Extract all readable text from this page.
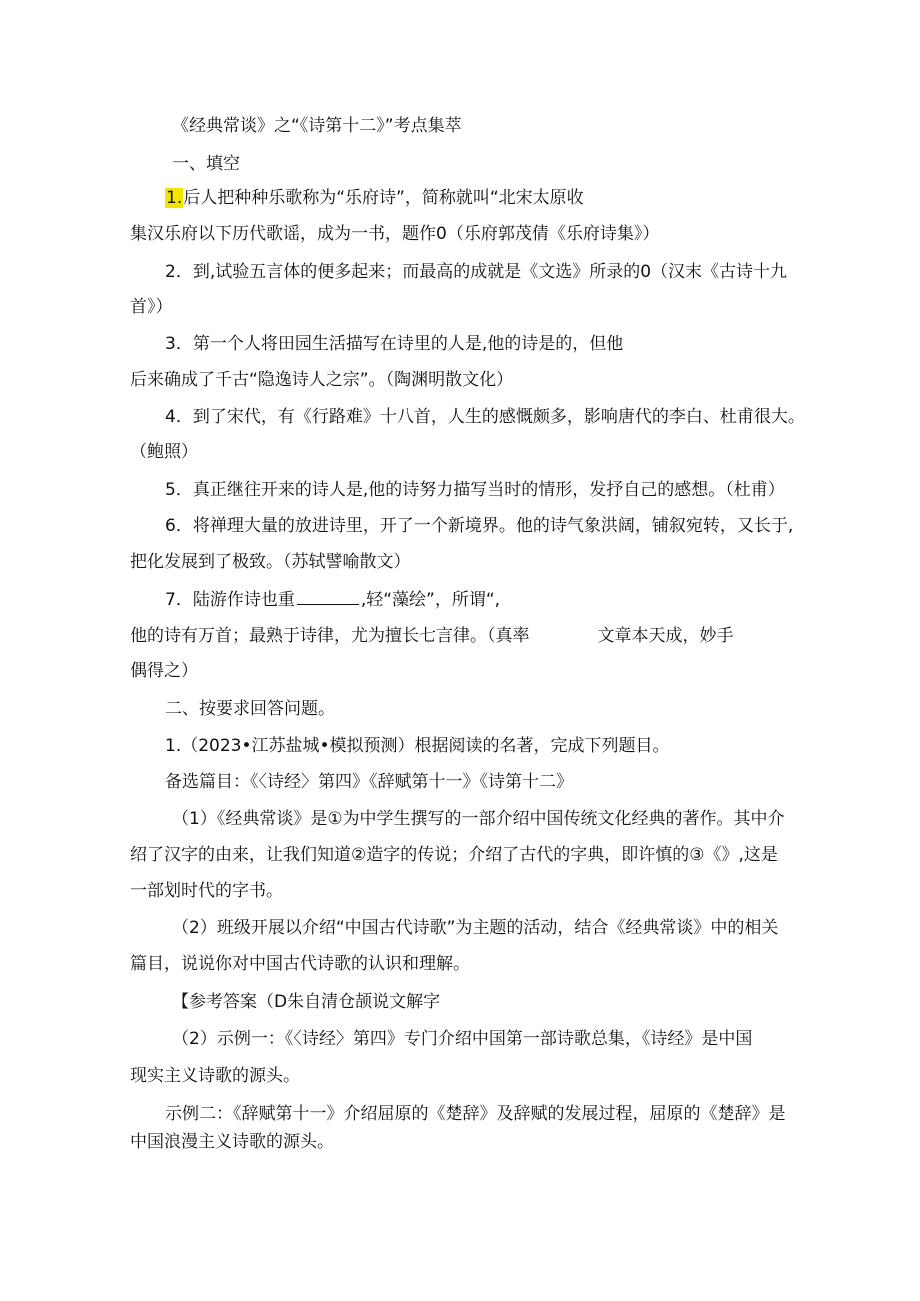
《经典常谈》之“《诗第十二》”考点集萃
一、填空
1.后人把种种乐歌称为“乐府诗”，简称就叫“北宋太原收
集汉乐府以下历代歌谣，成为一书，题作0（乐府郭茂倩《乐府诗集》）
2．到,试验五言体的便多起来；而最高的成就是《文选》所录的0（汉末《古诗十九
首》）
3．第一个人将田园生活描写在诗里的人是,他的诗是的，但他
后来确成了千古“隐逸诗人之宗”。（陶渊明散文化）
4．到了宋代，有《行路难》十八首，人生的感慨颇多，影响唐代的李白、杜甫很大。
（鲍照）
5．真正继往开来的诗人是,他的诗努力描写当时的情形，发抒自己的感想。（杜甫）
6．将禅理大量的放进诗里，开了一个新境界。他的诗气象洪阔，铺叙宛转，又长于,
把化发展到了极致。（苏轼譬喻散文）
7．陆游作诗也重	,轻“藻绘”，所谓“,
他的诗有万首；最熟于诗律，尤为擅长七言律。（真率	文章本天成，妙手
偶得之）
二、按要求回答问题。
1.（2023•江苏盐城•模拟预测）根据阅读的名著，完成下列题目。
备选篇目：《〈诗经〉第四》《辞赋第十一》《诗第十二》
（1）《经典常谈》是①为中学生撰写的一部介绍中国传统文化经典的著作。其中介
绍了汉字的由来，让我们知道②造字的传说；介绍了古代的字典，即许慎的③《》,这是
一部划时代的字书。
（2）班级开展以介绍“中国古代诗歌”为主题的活动，结合《经典常谈》中的相关
篇目，说说你对中国古代诗歌的认识和理解。
【参考答案（D朱自清仓颉说文解字
（2）示例一：《〈诗经〉第四》专门介绍中国第一部诗歌总集，《诗经》是中国
现实主义诗歌的源头。
示例二：《辞赋第十一》介绍屈原的《楚辞》及辞赋的发展过程，屈原的《楚辞》是
中国浪漫主义诗歌的源头。
